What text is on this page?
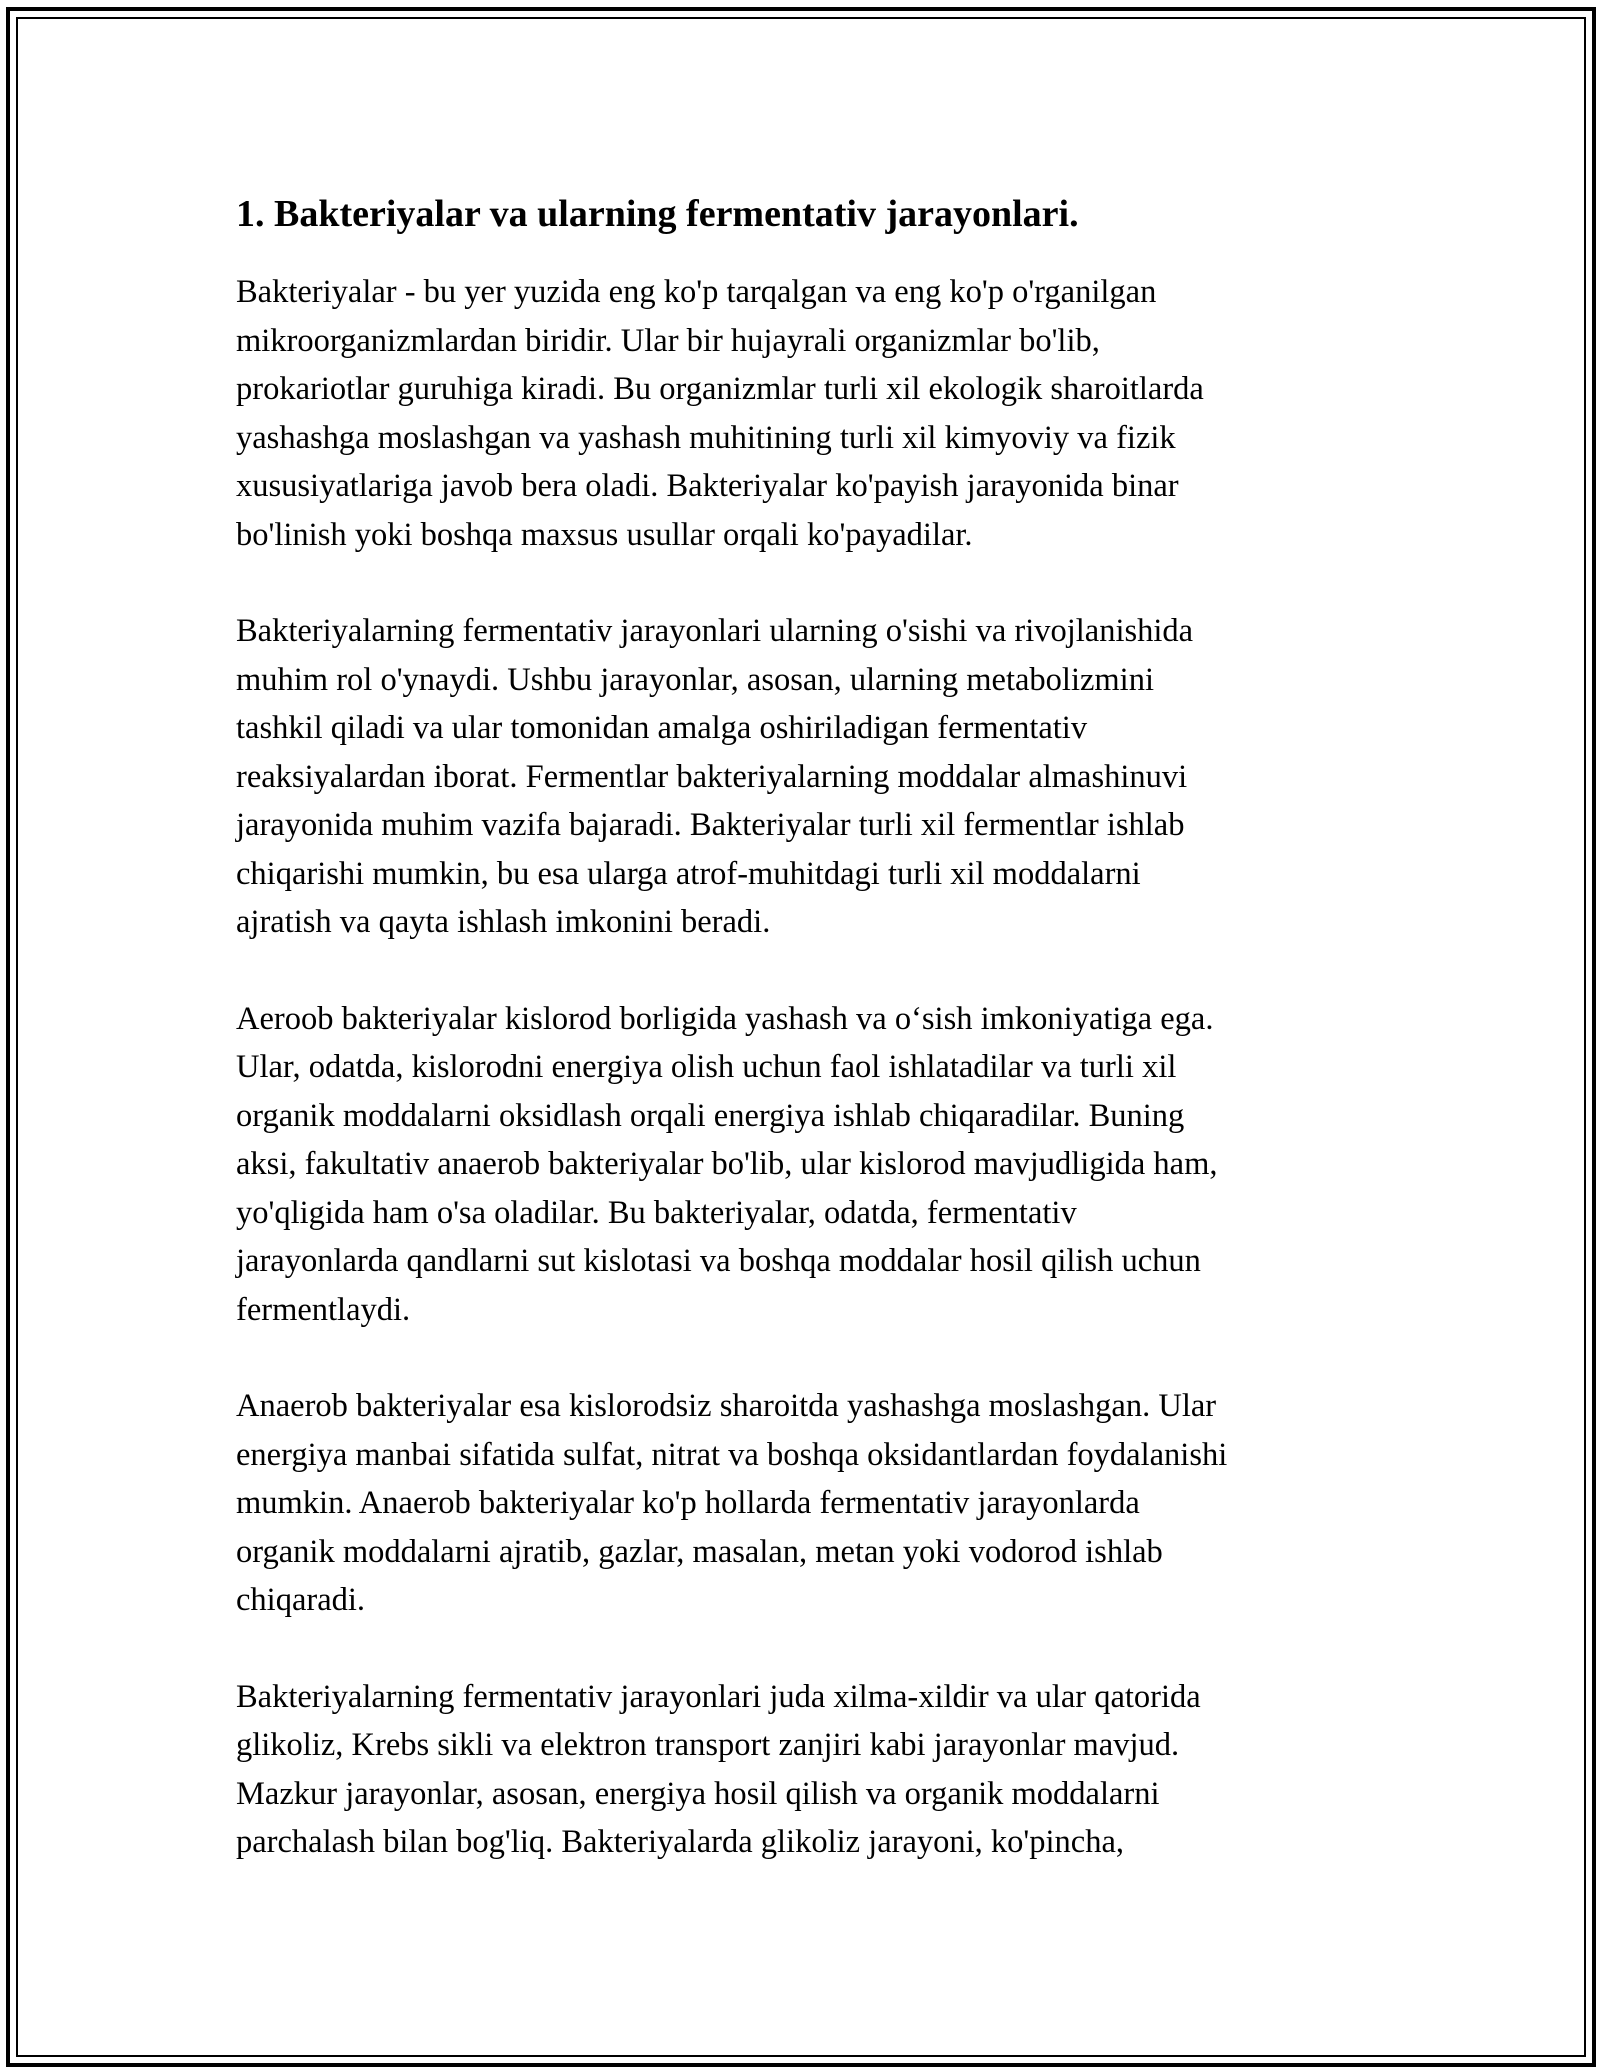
1. Bakteriyalar va ularning fermentativ jarayonlari.

Bakteriyalar - bu yer yuzida eng ko'p tarqalgan va eng ko'p o'rganilgan
mikroorganizmlardan biridir. Ular bir hujayrali organizmlar bo'lib,
prokariotlar guruhiga kiradi. Bu organizmlar turli xil ekologik sharoitlarda
yashashga moslashgan va yashash muhitining turli xil kimyoviy va fizik
xususiyatlariga javob bera oladi. Bakteriyalar ko'payish jarayonida binar
bo'linish yoki boshqa maxsus usullar orqali ko'payadilar.

Bakteriyalarning fermentativ jarayonlari ularning o'sishi va rivojlanishida
muhim rol o'ynaydi. Ushbu jarayonlar, asosan, ularning metabolizmini
tashkil qiladi va ular tomonidan amalga oshiriladigan fermentativ
reaksiyalardan iborat. Fermentlar bakteriyalarning moddalar almashinuvi
jarayonida muhim vazifa bajaradi. Bakteriyalar turli xil fermentlar ishlab
chiqarishi mumkin, bu esa ularga atrof-muhitdagi turli xil moddalarni
ajratish va qayta ishlash imkonini beradi.

Aeroob bakteriyalar kislorod borligida yashash va o‘sish imkoniyatiga ega.
Ular, odatda, kislorodni energiya olish uchun faol ishlatadilar va turli xil
organik moddalarni oksidlash orqali energiya ishlab chiqaradilar. Buning
aksi, fakultativ anaerob bakteriyalar bo'lib, ular kislorod mavjudligida ham,
yo'qligida ham o'sa oladilar. Bu bakteriyalar, odatda, fermentativ
jarayonlarda qandlarni sut kislotasi va boshqa moddalar hosil qilish uchun
fermentlaydi.

Anaerob bakteriyalar esa kislorodsiz sharoitda yashashga moslashgan. Ular
energiya manbai sifatida sulfat, nitrat va boshqa oksidantlardan foydalanishi
mumkin. Anaerob bakteriyalar ko'p hollarda fermentativ jarayonlarda
organik moddalarni ajratib, gazlar, masalan, metan yoki vodorod ishlab
chiqaradi.

Bakteriyalarning fermentativ jarayonlari juda xilma-xildir va ular qatorida
glikoliz, Krebs sikli va elektron transport zanjiri kabi jarayonlar mavjud.
Mazkur jarayonlar, asosan, energiya hosil qilish va organik moddalarni
parchalash bilan bog'liq. Bakteriyalarda glikoliz jarayoni, ko'pincha,
